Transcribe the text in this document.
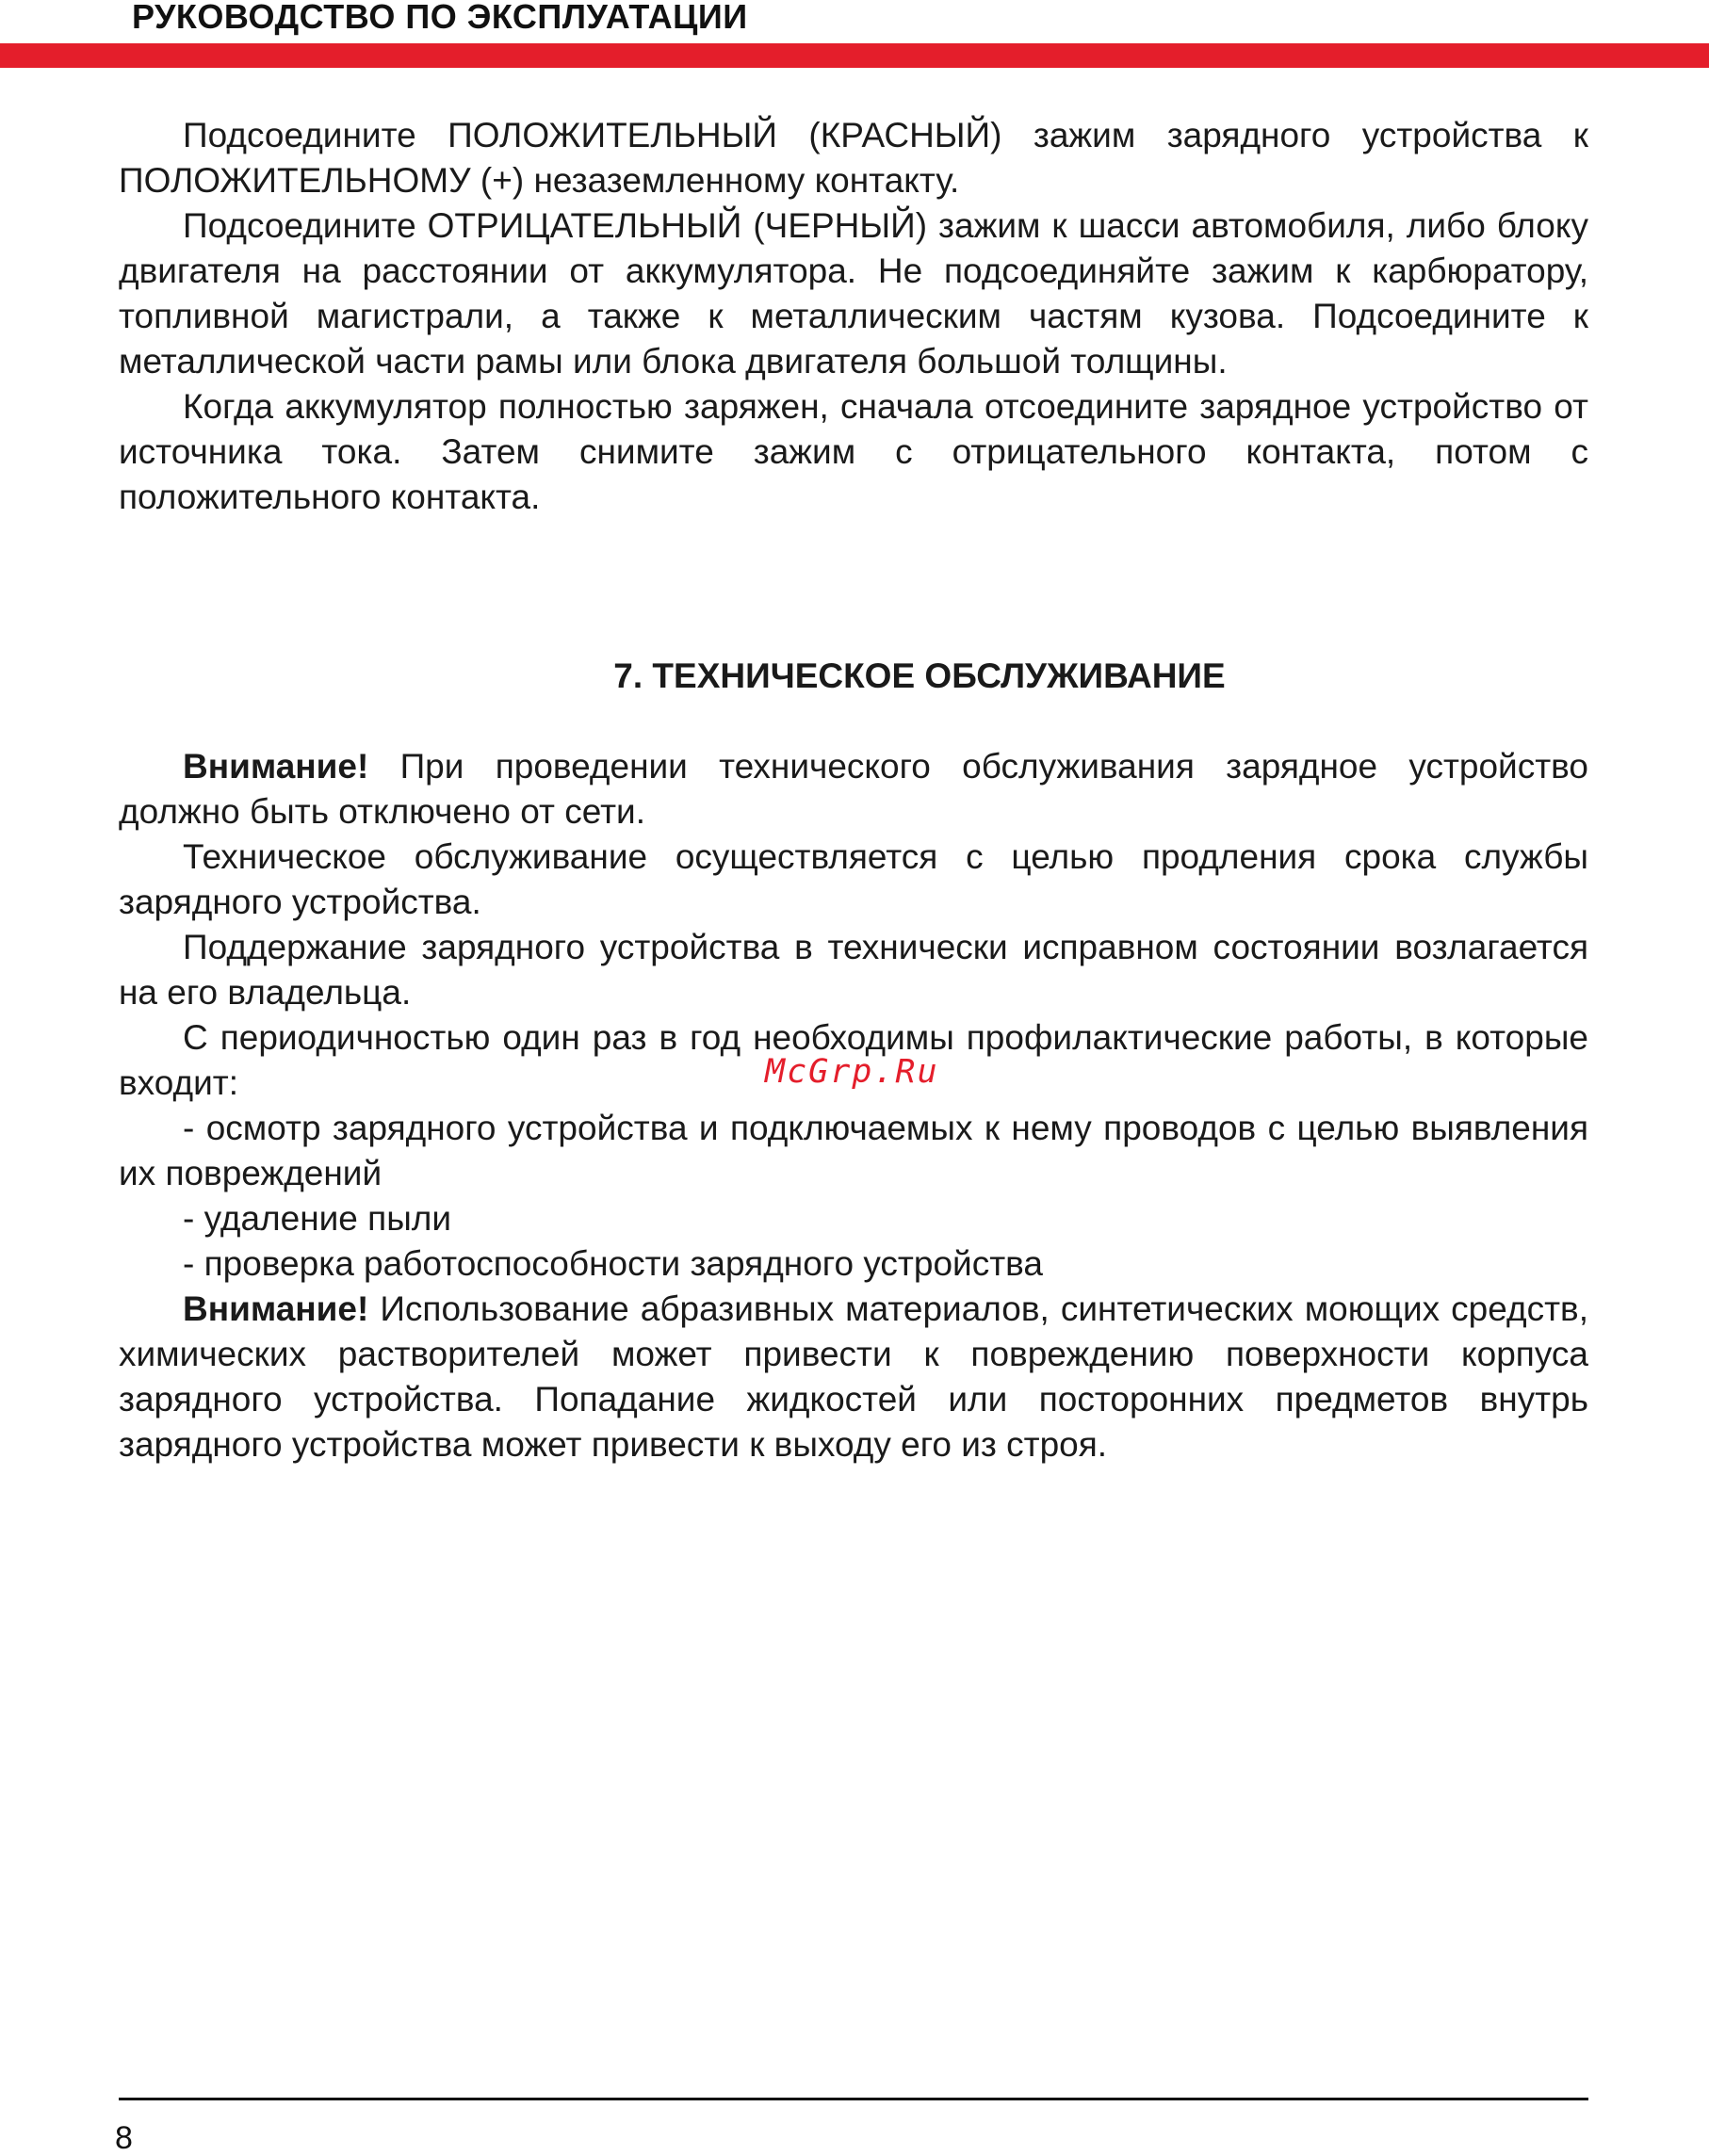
РУКОВОДСТВО ПО ЭКСПЛУАТАЦИИ

Подсоедините ПОЛОЖИТЕЛЬНЫЙ (КРАСНЫЙ) зажим зарядного устройства к ПОЛОЖИТЕЛЬНОМУ (+) незаземленному контакту.

Подсоедините ОТРИЦАТЕЛЬНЫЙ (ЧЕРНЫЙ) зажим к шасси автомобиля, либо блоку двигателя на расстоянии от аккумулятора. Не подсоединяйте зажим к карбюратору, топливной магистрали, а также к металлическим частям кузова. Подсоедините к металлической части рамы или блока двигателя большой толщины.

Когда аккумулятор полностью заряжен, сначала отсоедините зарядное устройство от источника тока. Затем снимите зажим с отрицательного контакта, потом с положительного контакта.

7. ТЕХНИЧЕСКОЕ ОБСЛУЖИВАНИЕ

Внимание! При проведении технического обслуживания зарядное устройство должно быть отключено от сети.

Техническое обслуживание осуществляется с целью продления срока службы зарядного устройства.

Поддержание зарядного устройства в технически исправном состоянии возлагается на его владельца.

С периодичностью один раз в год необходимы профилактические работы, в которые входит:

- осмотр зарядного устройства и подключаемых к нему проводов с целью выявления их повреждений

- удаление пыли

- проверка работоспособности зарядного устройства

Внимание! Использование абразивных материалов, синтетических моющих средств, химических растворителей может привести к повреждению поверхности корпуса зарядного устройства. Попадание жидкостей или посторонних предметов внутрь зарядного устройства может привести к выходу его из строя.

McGrp.Ru
8
